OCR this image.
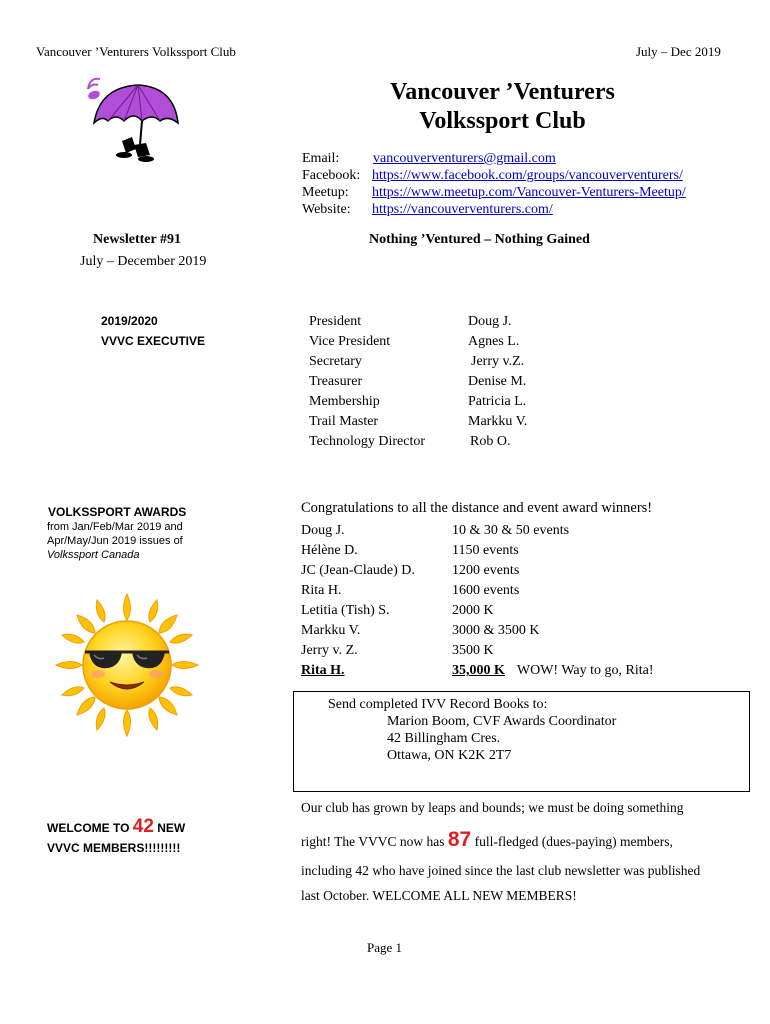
Vancouver ’Venturers Volkssport Club	July – Dec 2019
Vancouver ’Venturers
Volkssport Club
Email:	vancouverventurers@gmail.com
Facebook: https://www.facebook.com/groups/vancouverventurers/
Meetup:	https://www.meetup.com/Vancouver-Venturers-Meetup/
Website:	https://vancouverventurers.com/
Newsletter #91
July – December 2019
Nothing ’Ventured – Nothing Gained
2019/2020
VVVC EXECUTIVE
President	Doug J.
Vice President	Agnes L.
Secretary	Jerry v.Z.
Treasurer	Denise M.
Membership	Patricia L.
Trail Master	Markku V.
Technology Director	Rob O.
VOLKSSPORT AWARDS
from Jan/Feb/Mar 2019 and
Apr/May/Jun 2019 issues of
Volkssport Canada
Congratulations to all the distance and event award winners!
Doug J.	10 & 30 & 50 events
Hélène D.	1150 events
JC (Jean-Claude) D.	1200 events
Rita H.	1600 events
Letitia (Tish) S.	2000 K
Markku V.	3000 & 3500 K
Jerry v. Z.	3500 K
Rita H.	35,000 K WOW! Way to go, Rita!
Send completed IVV Record Books to:
Marion Boom, CVF Awards Coordinator
42 Billingham Cres.
Ottawa, ON K2K 2T7
WELCOME TO 42 NEW
VVVC MEMBERS!!!!!!!!!
Our club has grown by leaps and bounds; we must be doing something
right! The VVVC now has 87 full-fledged (dues-paying) members,
including 42 who have joined since the last club newsletter was published
last October. WELCOME ALL NEW MEMBERS!
Page 1
